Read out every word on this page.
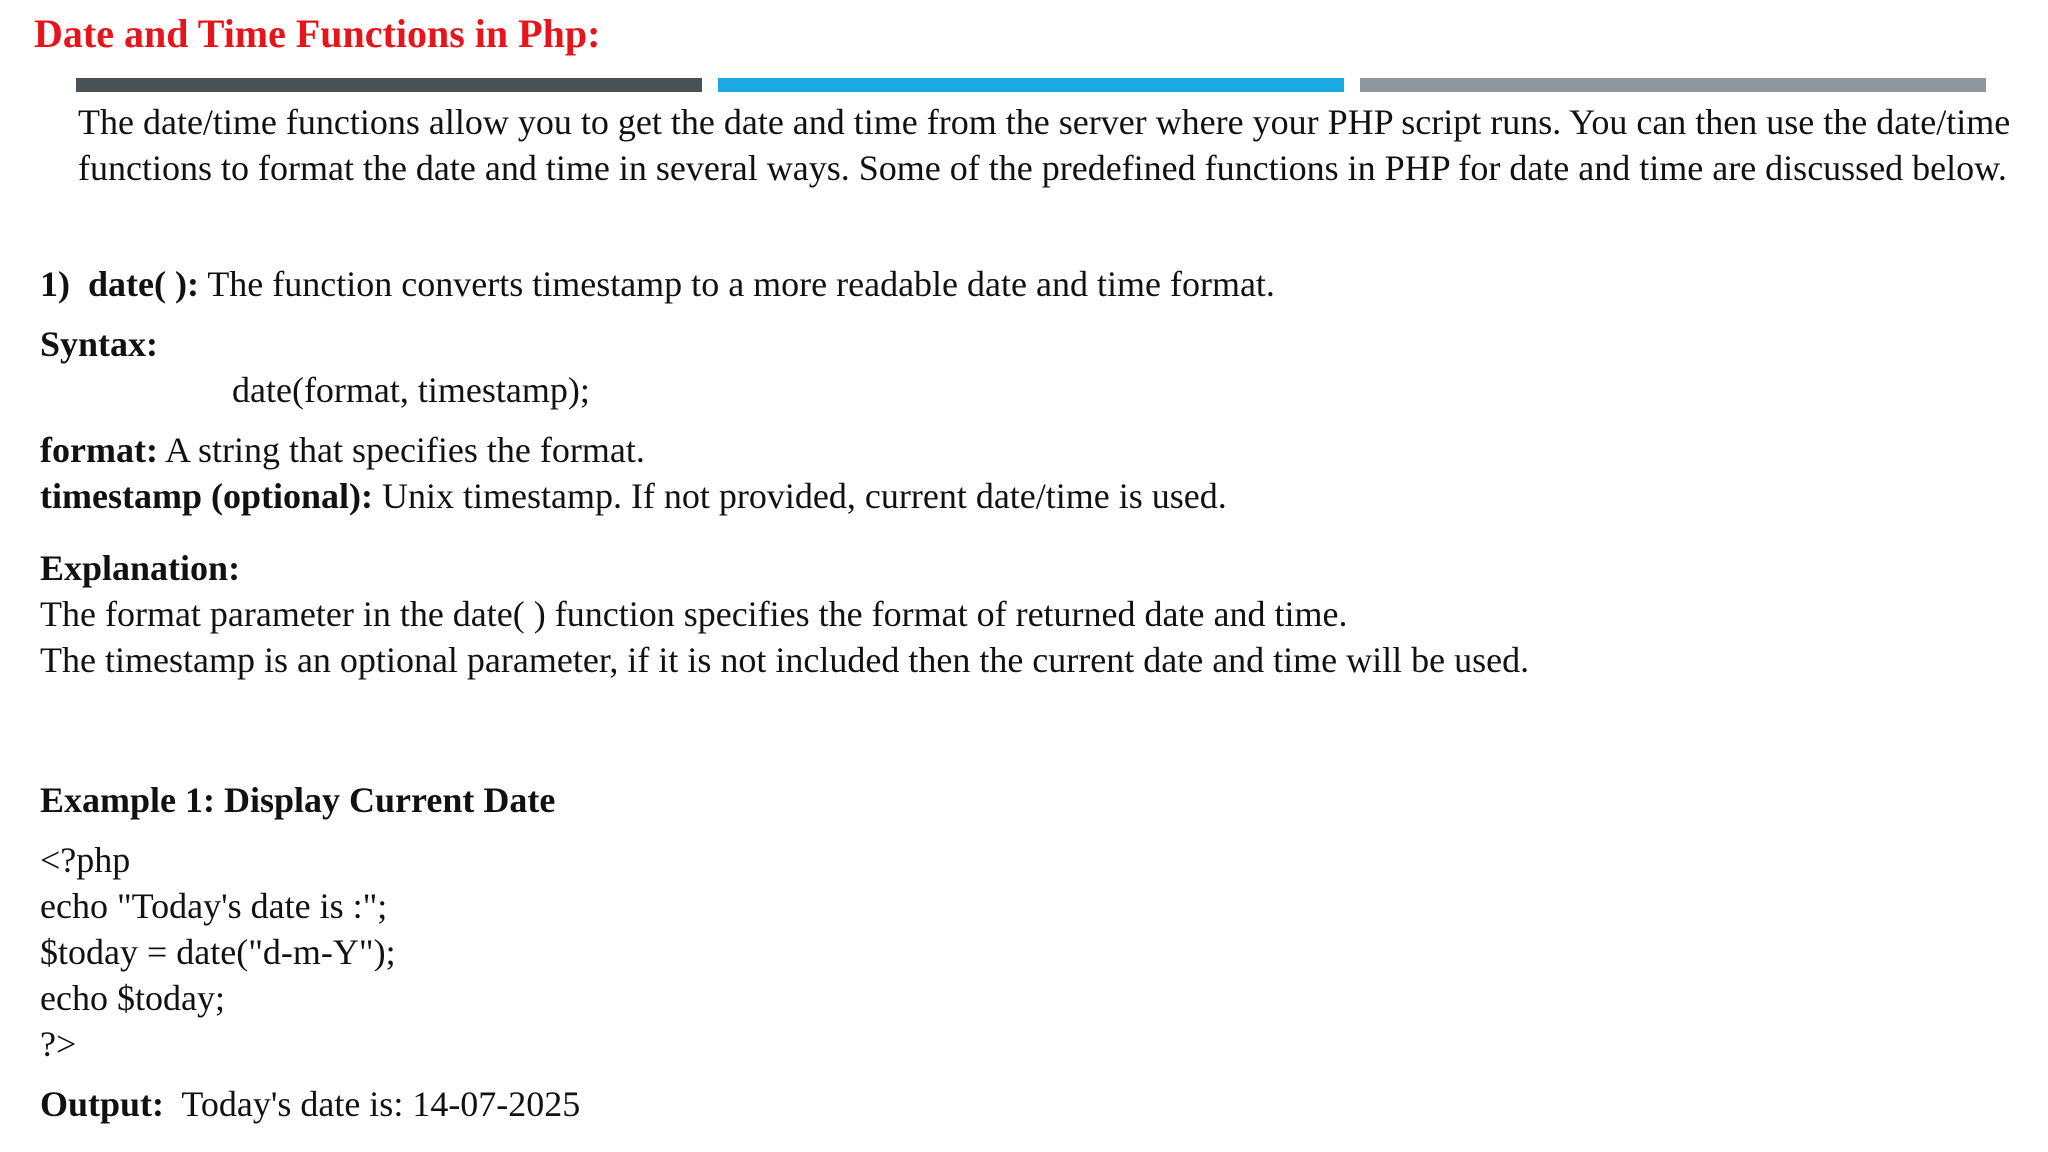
Date and Time Functions in Php:
The date/time functions allow you to get the date and time from the server where your PHP script runs. You can then use the date/time functions to format the date and time in several ways. Some of the predefined functions in PHP for date and time are discussed below.
1) date( ): The function converts timestamp to a more readable date and time format.
Syntax:
date(format, timestamp);
format: A string that specifies the format.
timestamp (optional): Unix timestamp. If not provided, current date/time is used.
Explanation:
The format parameter in the date( ) function specifies the format of returned date and time.
The timestamp is an optional parameter, if it is not included then the current date and time will be used.
Example 1: Display Current Date
<?php
echo "Today's date is :";
$today = date("d-m-Y");
echo $today;
?>
Output: Today's date is: 14-07-2025
